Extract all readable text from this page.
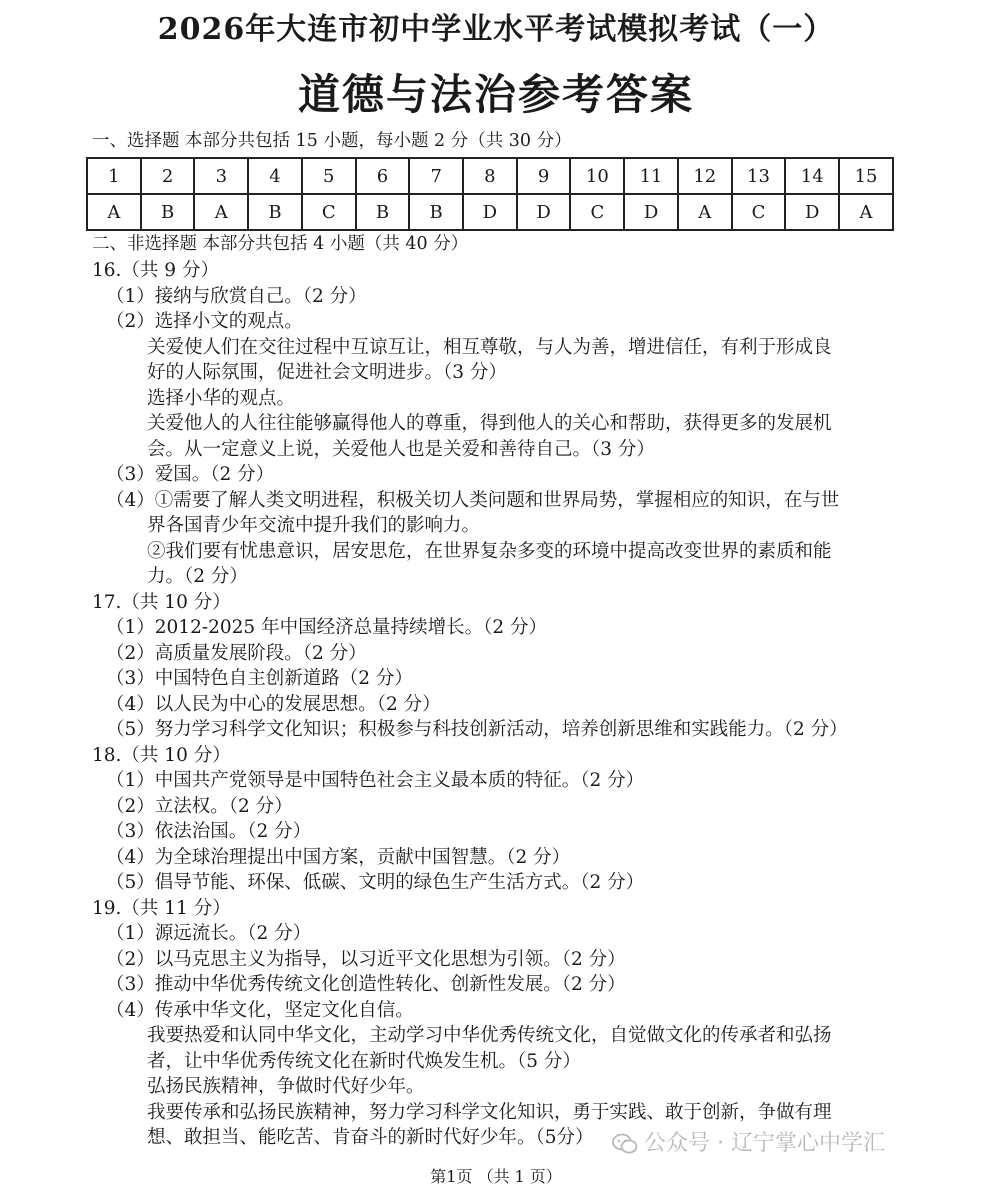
2026年大连市初中学业水平考试模拟考试（一）
道德与法治参考答案
一、选择题 本部分共包括 15 小题，每小题 2 分（共 30 分）
1	2	3	4	5	6	7	8	9	10	11	12	13	14	15
A	B	A	B	C	B	B	D	D	C	D	A	C	D	A
二、非选择题 本部分共包括 4 小题（共 40 分）
16.（共 9 分）
（1）接纳与欣赏自己。（2 分）
（2）选择小文的观点。
关爱使人们在交往过程中互谅互让，相互尊敬，与人为善，增进信任，有利于形成良
好的人际氛围，促进社会文明进步。（3 分）
选择小华的观点。
关爱他人的人往往能够赢得他人的尊重，得到他人的关心和帮助，获得更多的发展机
会。从一定意义上说，关爱他人也是关爱和善待自己。（3 分）
（3）爱国。（2 分）
（4）①需要了解人类文明进程，积极关切人类问题和世界局势，掌握相应的知识，在与世
界各国青少年交流中提升我们的影响力。
②我们要有忧患意识，居安思危，在世界复杂多变的环境中提高改变世界的素质和能
力。（2 分）
17.（共 10 分）
（1）2012-2025 年中国经济总量持续增长。（2 分）
（2）高质量发展阶段。（2 分）
（3）中国特色自主创新道路（2 分）
（4）以人民为中心的发展思想。（2 分）
（5）努力学习科学文化知识；积极参与科技创新活动，培养创新思维和实践能力。（2 分）
18.（共 10 分）
（1）中国共产党领导是中国特色社会主义最本质的特征。（2 分）
（2）立法权。（2 分）
（3）依法治国。（2 分）
（4）为全球治理提出中国方案，贡献中国智慧。（2 分）
（5）倡导节能、环保、低碳、文明的绿色生产生活方式。（2 分）
19.（共 11 分）
（1）源远流长。（2 分）
（2）以马克思主义为指导，以习近平文化思想为引领。（2 分）
（3）推动中华优秀传统文化创造性转化、创新性发展。（2 分）
（4）传承中华文化，坚定文化自信。
我要热爱和认同中华文化，主动学习中华优秀传统文化，自觉做文化的传承者和弘扬
者，让中华优秀传统文化在新时代焕发生机。（5 分）
弘扬民族精神，争做时代好少年。
我要传承和弘扬民族精神，努力学习科学文化知识，勇于实践、敢于创新，争做有理
想、敢担当、能吃苦、肯奋斗的新时代好少年。（5分）	公众号 · 辽宁掌心中学汇
第1页 （共 1 页）
